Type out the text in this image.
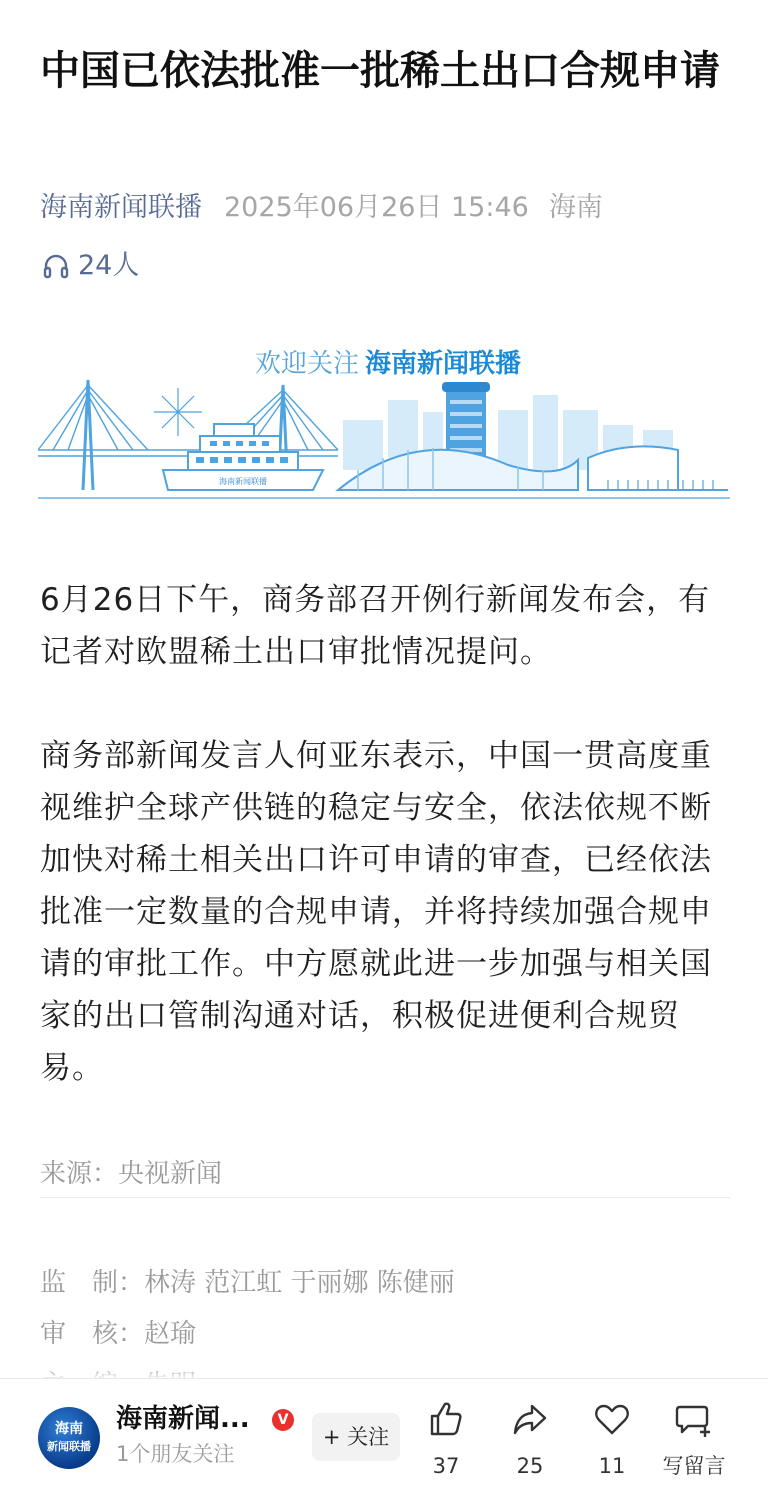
中国已依法批准一批稀土出口合规申请
海南新闻联播 2025年06月26日 15:46 海南
24人
欢迎关注 海南新闻联播
海南新闻联播

6月26日下午，商务部召开例行新闻发布会，有记者对欧盟稀土出口审批情况提问。

商务部新闻发言人何亚东表示，中国一贯高度重视维护全球产供链的稳定与安全，依法依规不断加快对稀土相关出口许可申请的审查，已经依法批准一定数量的合规申请，并将持续加强合规申请的审批工作。中方愿就此进一步加强与相关国家的出口管制沟通对话，积极促进便利合规贸易。

来源：央视新闻
监　制：林涛 范江虹 于丽娜 陈健丽
审　核：赵瑜
海南
新闻联播
海南新闻...	V
1个朋友关注
+ 关注
37	25	11	写留言
